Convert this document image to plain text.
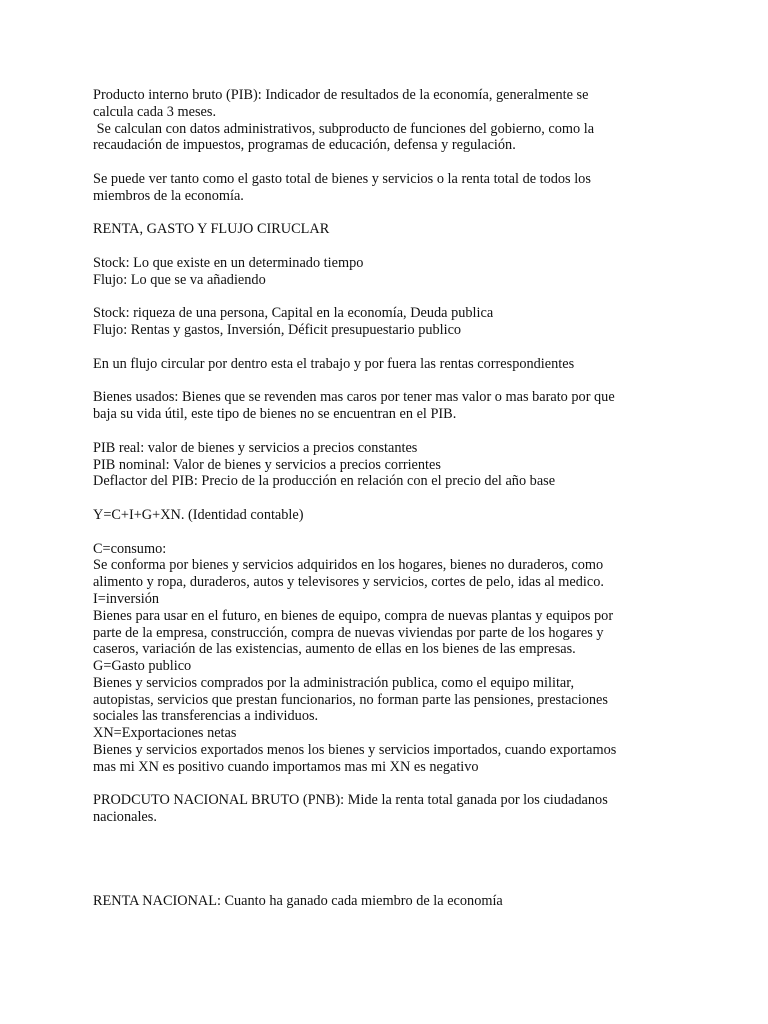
Producto interno bruto (PIB): Indicador de resultados de la economía, generalmente se
calcula cada 3 meses.
Se calculan con datos administrativos, subproducto de funciones del gobierno, como la
recaudación de impuestos, programas de educación, defensa y regulación.
Se puede ver tanto como el gasto total de bienes y servicios o la renta total de todos los
miembros de la economía.
RENTA, GASTO Y FLUJO CIRUCLAR
Stock: Lo que existe en un determinado tiempo
Flujo: Lo que se va añadiendo
Stock: riqueza de una persona, Capital en la economía, Deuda publica
Flujo: Rentas y gastos, Inversión, Déficit presupuestario publico
En un flujo circular por dentro esta el trabajo y por fuera las rentas correspondientes
Bienes usados: Bienes que se revenden mas caros por tener mas valor o mas barato por que
baja su vida útil, este tipo de bienes no se encuentran en el PIB.
PIB real: valor de bienes y servicios a precios constantes
PIB nominal: Valor de bienes y servicios a precios corrientes
Deflactor del PIB: Precio de la producción en relación con el precio del año base
Y=C+I+G+XN. (Identidad contable)
C=consumo:
Se conforma por bienes y servicios adquiridos en los hogares, bienes no duraderos, como
alimento y ropa, duraderos, autos y televisores y servicios, cortes de pelo, idas al medico.
I=inversión
Bienes para usar en el futuro, en bienes de equipo, compra de nuevas plantas y equipos por
parte de la empresa, construcción, compra de nuevas viviendas por parte de los hogares y
caseros, variación de las existencias, aumento de ellas en los bienes de las empresas.
G=Gasto publico
Bienes y servicios comprados por la administración publica, como el equipo militar,
autopistas, servicios que prestan funcionarios, no forman parte las pensiones, prestaciones
sociales las transferencias a individuos.
XN=Exportaciones netas
Bienes y servicios exportados menos los bienes y servicios importados, cuando exportamos
mas mi XN es positivo cuando importamos mas mi XN es negativo
PRODCUTO NACIONAL BRUTO (PNB): Mide la renta total ganada por los ciudadanos
nacionales.
RENTA NACIONAL: Cuanto ha ganado cada miembro de la economía
